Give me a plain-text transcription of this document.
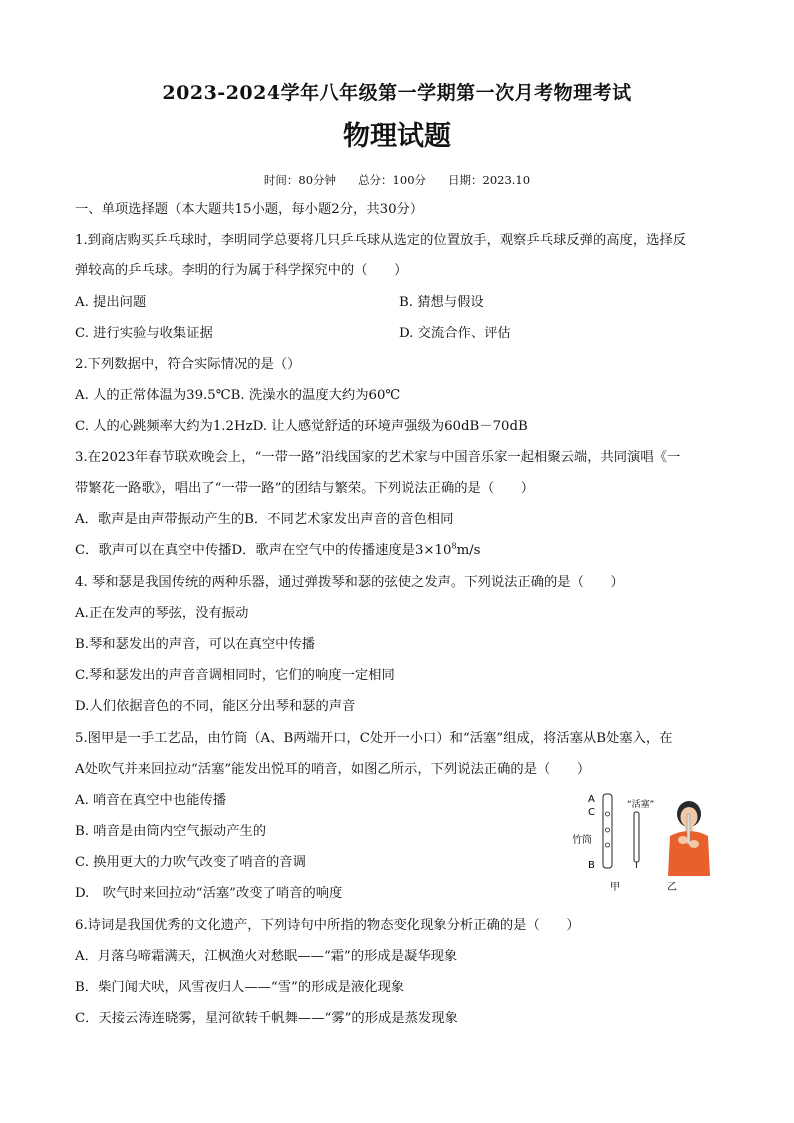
2023-2024学年八年级第一学期第一次月考物理考试
物理试题
时间：80分钟 总分：100分 日期：2023.10
一、单项选择题（本大题共15小题，每小题2分，共30分）
1.到商店购买乒乓球时，李明同学总要将几只乒乓球从选定的位置放手，观察乒乓球反弹的高度，选择反
弹较高的乒乓球。李明的行为属于科学探究中的（　　）
A. 提出问题	B. 猜想与假设
C. 进行实验与收集证据	D. 交流合作、评估
2.下列数据中，符合实际情况的是（）
A. 人的正常体温为39.5℃B. 洗澡水的温度大约为60℃
C. 人的心跳频率大约为1.2HzD. 让人感觉舒适的环境声强级为60dB－70dB
3.在2023年春节联欢晚会上，“一带一路”沿线国家的艺术家与中国音乐家一起相聚云端，共同演唱《一
带繁花一路歌》，唱出了“一带一路”的团结与繁荣。下列说法正确的是（　　）
A．歌声是由声带振动产生的B．不同艺术家发出声音的音色相同
C．歌声可以在真空中传播D．歌声在空气中的传播速度是$3\times 10^8m/s$
4. 琴和瑟是我国传统的两种乐器，通过弹拨琴和瑟的弦使之发声。下列说法正确的是（　　）
A.正在发声的琴弦，没有振动
B.琴和瑟发出的声音，可以在真空中传播
C.琴和瑟发出的声音音调相同时，它们的响度一定相同
D.人们依据音色的不同，能区分出琴和瑟的声音
5.图甲是一手工艺品，由竹筒（A、B两端开口，C处开一小口）和“活塞”组成，将活塞从B处塞入，在
A处吹气并来回拉动“活塞”能发出悦耳的哨音，如图乙所示，下列说法正确的是（　　）
A. 哨音在真空中也能传播
B. 哨音是由筒内空气振动产生的
C. 换用更大的力吹气改变了哨音的音调
D.　吹气时来回拉动“活塞”改变了哨音的响度
A
C
竹筒
B
“活塞”
甲	乙
6.诗词是我国优秀的文化遗产，下列诗句中所指的物态变化现象分析正确的是（　　）
A．月落乌啼霜满天，江枫渔火对愁眠——“霜”的形成是凝华现象
B．柴门闻犬吠，风雪夜归人——“雪”的形成是液化现象
C．天接云涛连晓雾，星河欲转千帆舞——“雾”的形成是蒸发现象
